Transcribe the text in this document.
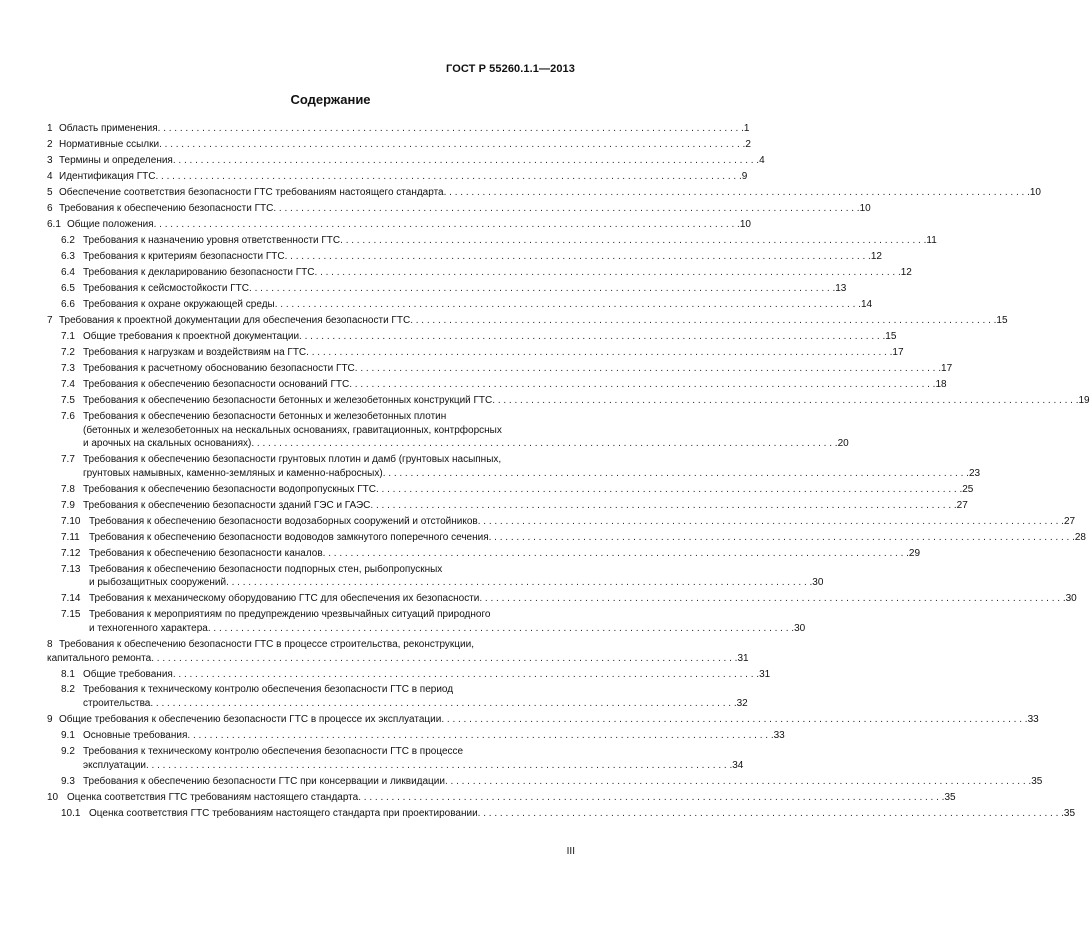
ГОСТ Р 55260.1.1—2013
Содержание
1 Область применения . . .	1
2 Нормативные ссылки . . .	2
3 Термины и определения . . .	4
4 Идентификация ГТС . . .	9
5 Обеспечение соответствия безопасности ГТС требованиям настоящего стандарта . . .	10
6 Требования к обеспечению безопасности ГТС . . .	10
6.1 Общие положения . . .	10
6.2 Требования к назначению уровня ответственности ГТС . . .	11
6.3 Требования к критериям безопасности ГТС . . .	12
6.4 Требования к декларированию безопасности ГТС . . .	12
6.5 Требования к сейсмостойкости ГТС . . .	13
6.6 Требования к охране окружающей среды . . .	14
7 Требования к проектной документации для обеспечения безопасности ГТС . . .	15
7.1 Общие требования к проектной документации . . .	15
7.2 Требования к нагрузкам и воздействиям на ГТС . . .	17
7.3 Требования к расчетному обоснованию безопасности ГТС . . .	17
7.4 Требования к обеспечению безопасности оснований ГТС . . .	18
7.5 Требования к обеспечению безопасности бетонных и железобетонных конструкций ГТС . . .	19
7.6 Требования к обеспечению безопасности бетонных и железобетонных плотин
(бетонных и железобетонных на нескальных основаниях, гравитационных, контрфорсных
и арочных на скальных основаниях) . . .	20
7.7 Требования к обеспечению безопасности грунтовых плотин и дамб (грунтовых насыпных,
грунтовых намывных, каменно-земляных и каменно-набросных) . . .	23
7.8 Требования к обеспечению безопасности водопропускных ГТС . . .	25
7.9 Требования к обеспечению безопасности зданий ГЭС и ГАЭС . . .	27
7.10 Требования к обеспечению безопасности водозаборных сооружений и отстойников . . .	27
7.11 Требования к обеспечению безопасности водоводов замкнутого поперечного сечения . . .	28
7.12 Требования к обеспечению безопасности каналов . . .	29
7.13 Требования к обеспечению безопасности подпорных стен, рыбопропускных
и рыбозащитных сооружений . . .	30
7.14 Требования к механическому оборудованию ГТС для обеспечения их безопасности . . .	30
7.15 Требования к мероприятиям по предупреждению чрезвычайных ситуаций природного
и техногенного характера . . .	30
8 Требования к обеспечению безопасности ГТС в процессе строительства, реконструкции,
капитального ремонта . . .	31
8.1 Общие требования . . .	31
8.2 Требования к техническому контролю обеспечения безопасности ГТС в период
строительства . . .	32
9 Общие требования к обеспечению безопасности ГТС в процессе их эксплуатации . . .	33
9.1 Основные требования . . .	33
9.2 Требования к техническому контролю обеспечения безопасности ГТС в процессе
эксплуатации . . .	34
9.3 Требования к обеспечению безопасности ГТС при консервации и ликвидации . . .	35
10 Оценка соответствия ГТС требованиям настоящего стандарта . . .	35
10.1 Оценка соответствия ГТС требованиям настоящего стандарта при проектировании . . .	35
III
